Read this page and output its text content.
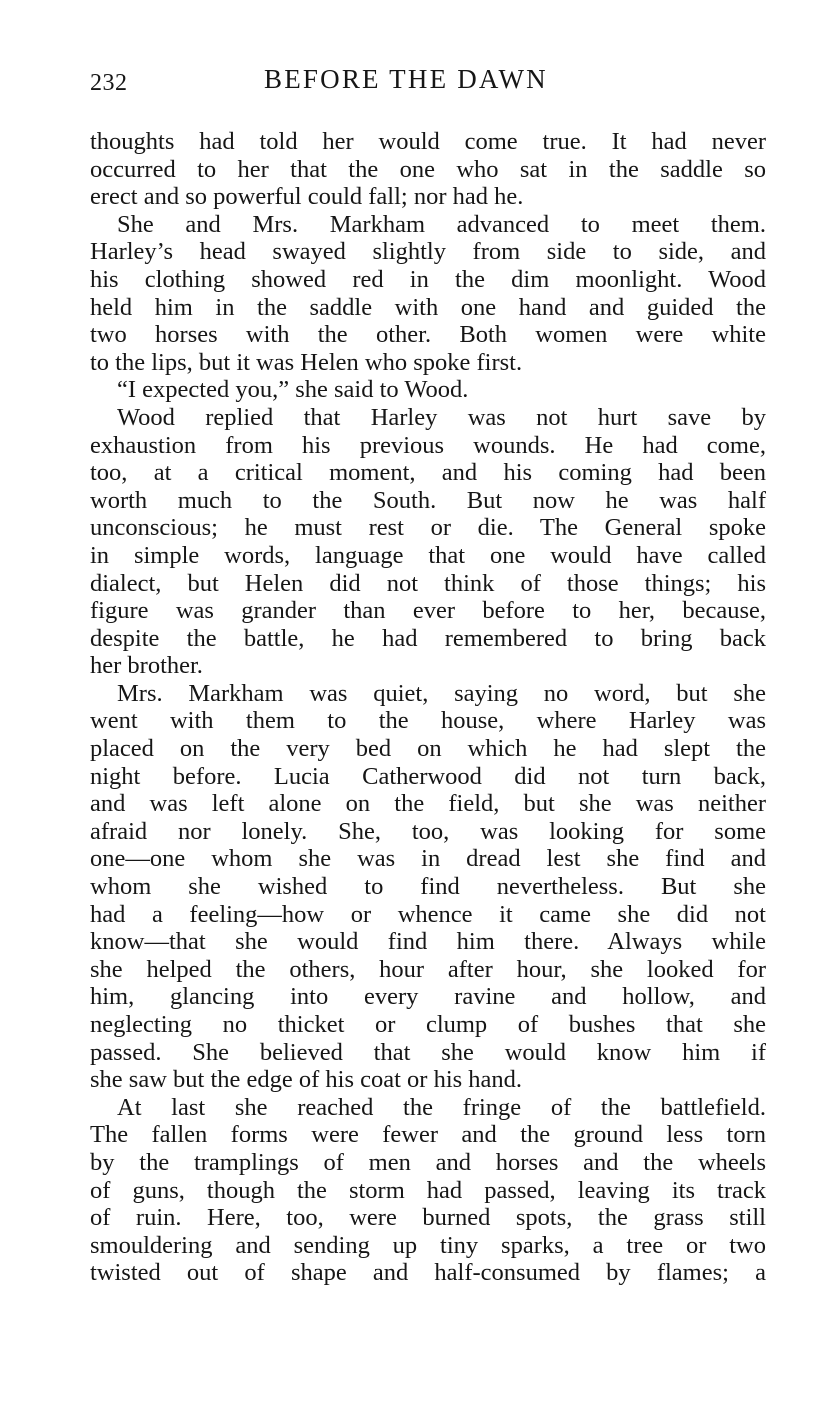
232	BEFORE THE DAWN
thoughts had told her would come true. It had never
occurred to her that the one who sat in the saddle so
erect and so powerful could fall; nor had he.
She and Mrs. Markham advanced to meet them.
Harley’s head swayed slightly from side to side, and
his clothing showed red in the dim moonlight. Wood
held him in the saddle with one hand and guided the
two horses with the other. Both women were white
to the lips, but it was Helen who spoke first.
“I expected you,” she said to Wood.
Wood replied that Harley was not hurt save by
exhaustion from his previous wounds. He had come,
too, at a critical moment, and his coming had been
worth much to the South. But now he was half
unconscious; he must rest or die. The General spoke
in simple words, language that one would have called
dialect, but Helen did not think of those things; his
figure was grander than ever before to her, because,
despite the battle, he had remembered to bring back
her brother.
Mrs. Markham was quiet, saying no word, but she
went with them to the house, where Harley was
placed on the very bed on which he had slept the
night before. Lucia Catherwood did not turn back,
and was left alone on the field, but she was neither
afraid nor lonely. She, too, was looking for some
one—one whom she was in dread lest she find and
whom she wished to find nevertheless. But she
had a feeling—how or whence it came she did not
know—that she would find him there. Always while
she helped the others, hour after hour, she looked for
him, glancing into every ravine and hollow, and
neglecting no thicket or clump of bushes that she
passed. She believed that she would know him if
she saw but the edge of his coat or his hand.
At last she reached the fringe of the battlefield.
The fallen forms were fewer and the ground less torn
by the tramplings of men and horses and the wheels
of guns, though the storm had passed, leaving its track
of ruin. Here, too, were burned spots, the grass still
smouldering and sending up tiny sparks, a tree or two
twisted out of shape and half-consumed by flames; a
